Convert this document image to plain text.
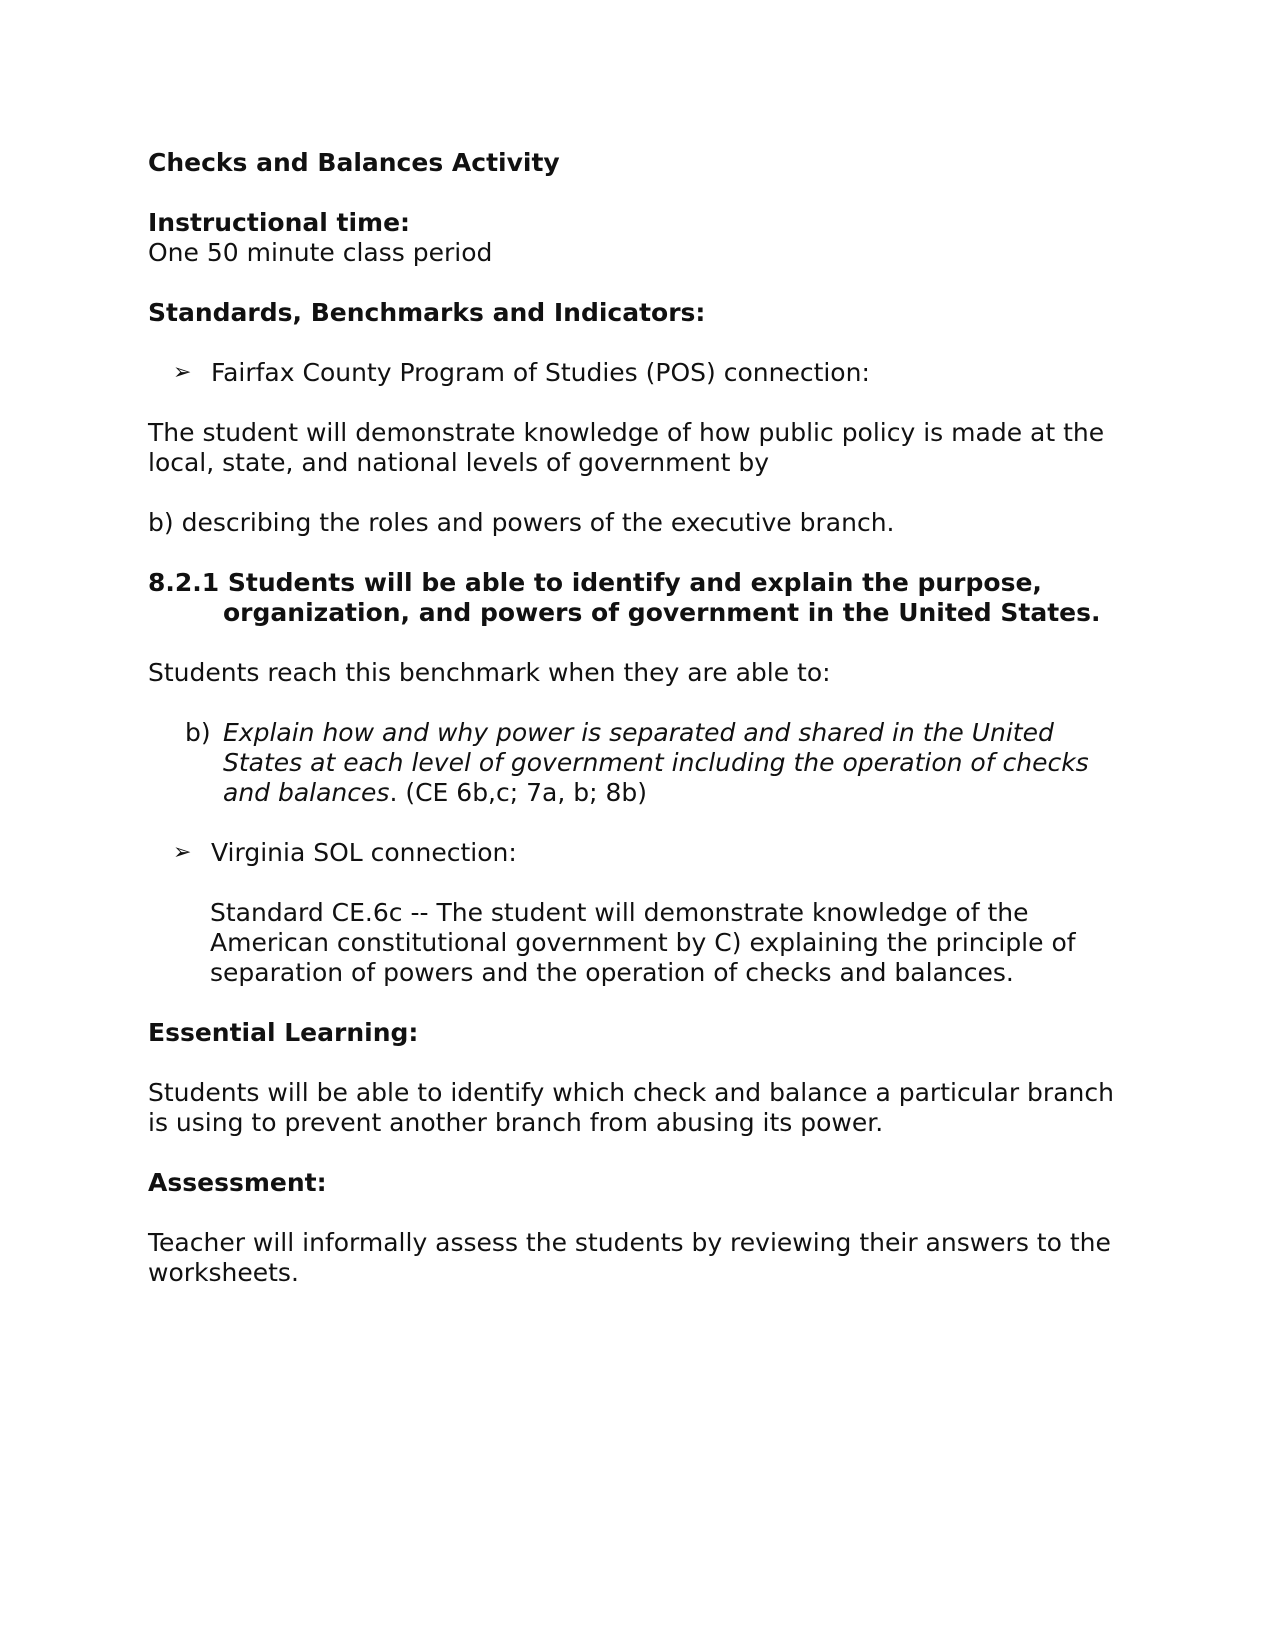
Checks and Balances Activity

Instructional time:

One 50 minute class period

Standards, Benchmarks and Indicators:

➢ Fairfax County Program of Studies (POS) connection:

The student will demonstrate knowledge of how public policy is made at the local, state, and national levels of government by

b) describing the roles and powers of the executive branch.

8.2.1 Students will be able to identify and explain the purpose, organization, and powers of government in the United States.

Students reach this benchmark when they are able to:

b) Explain how and why power is separated and shared in the United States at each level of government including the operation of checks and balances. (CE 6b,c; 7a, b; 8b)
➢ Virginia SOL connection:

Standard CE.6c -- The student will demonstrate knowledge of the American constitutional government by C) explaining the principle of separation of powers and the operation of checks and balances.

Essential Learning:

Students will be able to identify which check and balance a particular branch is using to prevent another branch from abusing its power.

Assessment:

Teacher will informally assess the students by reviewing their answers to the worksheets.
